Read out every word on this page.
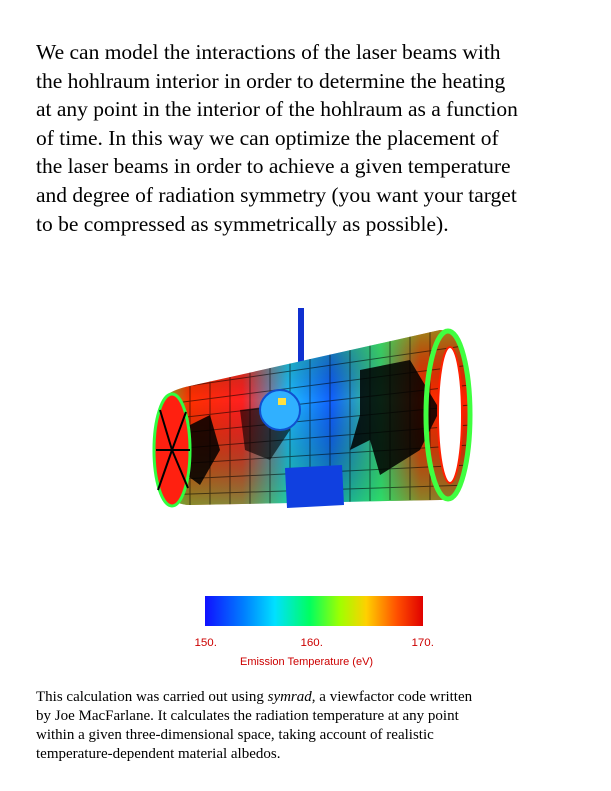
We can model the interactions of the laser beams with
the hohlraum interior in order to determine the heating
at any point in the interior of the hohlraum as a function
of time. In this way we can optimize the placement of
the laser beams in order to achieve a given temperature
and degree of radiation symmetry (you want your target
to be compressed as symmetrically as possible).
150.	160.	170.
Emission Temperature (eV)
This calculation was carried out using symrad, a viewfactor code written
by Joe MacFarlane. It calculates the radiation temperature at any point
within a given three-dimensional space, taking account of realistic
temperature-dependent material albedos.
